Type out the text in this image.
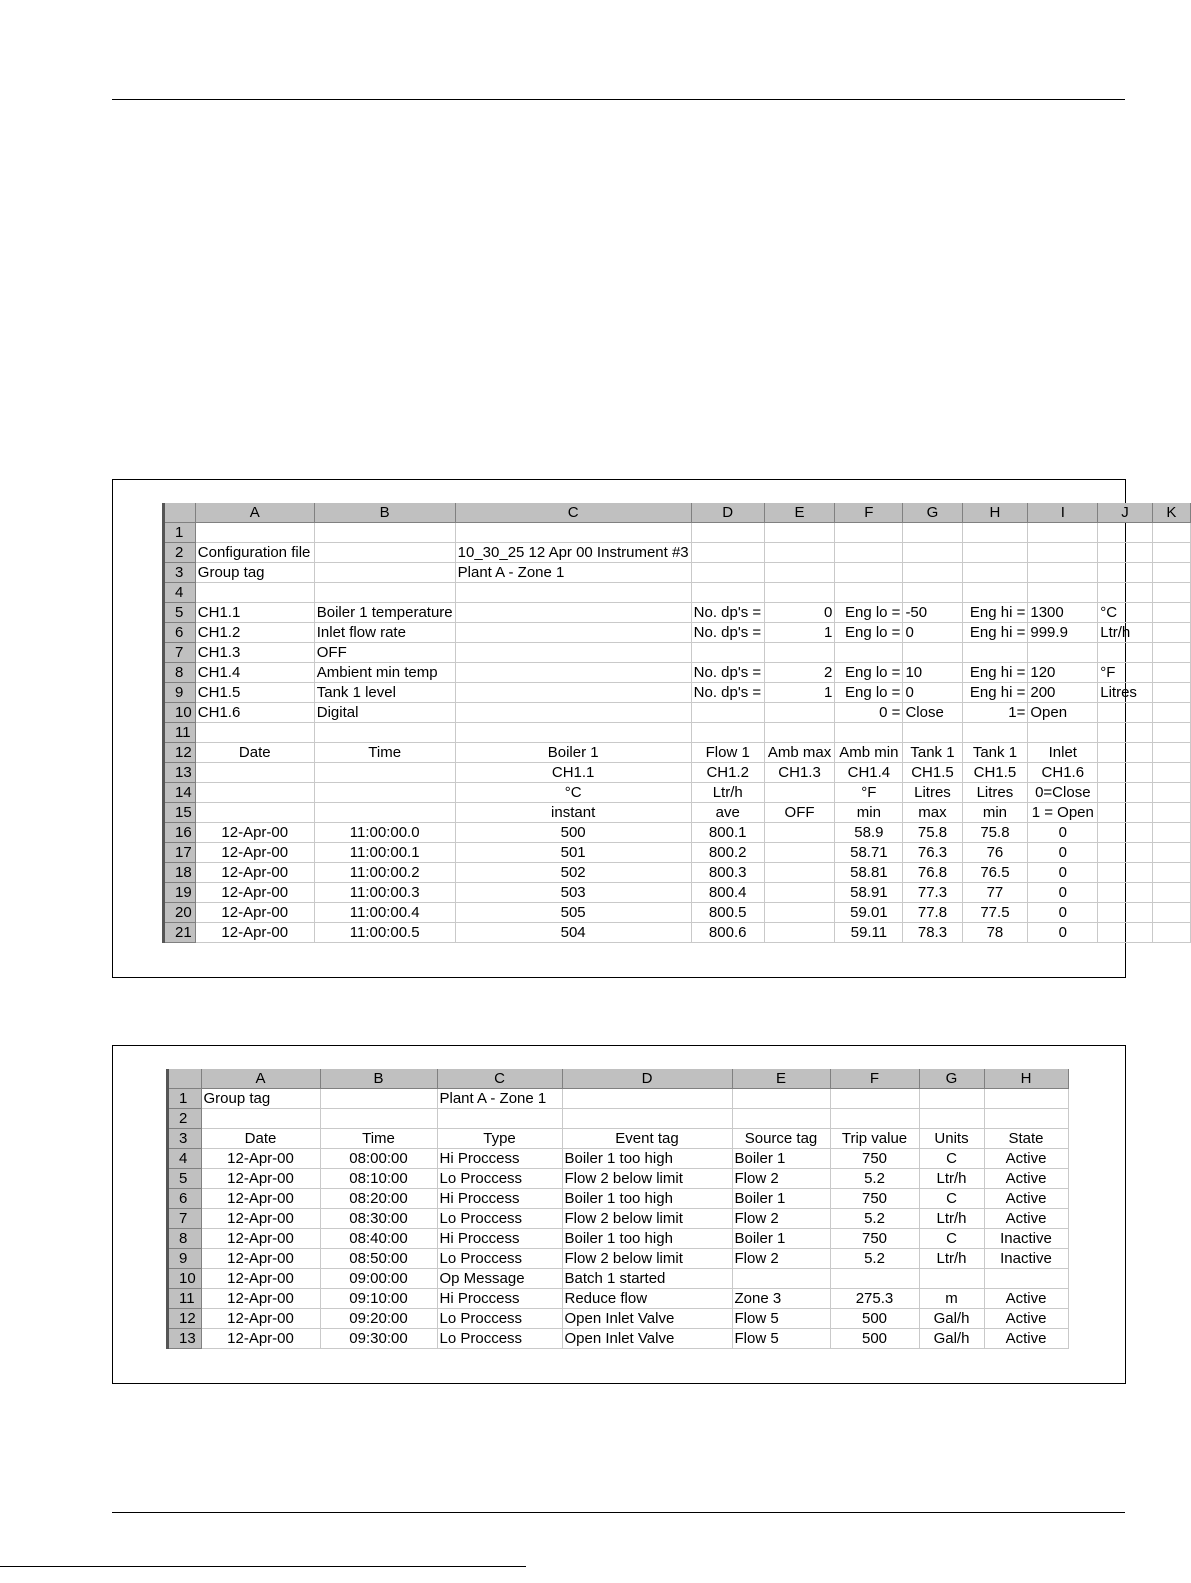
	A	B	C	D	E	F	G	H	I	J	K
1											
2	Configuration file		10_30_25 12 Apr 00 Instrument #3								
3	Group tag		Plant A - Zone 1								
4											
5	CH1.1	Boiler 1 temperature		No. dp's =	0	Eng lo =	-50	Eng hi =	1300	°C	
6	CH1.2	Inlet flow rate		No. dp's =	1	Eng lo =	0	Eng hi =	999.9	Ltr/h	
7	CH1.3	OFF									
8	CH1.4	Ambient min temp		No. dp's =	2	Eng lo =	10	Eng hi =	120	°F	
9	CH1.5	Tank 1 level		No. dp's =	1	Eng lo =	0	Eng hi =	200	Litres	
10	CH1.6	Digital				0 =	Close	1=	Open		
11											
12	Date	Time	Boiler 1	Flow 1	Amb max	Amb min	Tank 1	Tank 1	Inlet		
13			CH1.1	CH1.2	CH1.3	CH1.4	CH1.5	CH1.5	CH1.6		
14			°C	Ltr/h		°F	Litres	Litres	0=Close		
15			instant	ave	OFF	min	max	min	1 = Open		
16	12-Apr-00	11:00:00.0	500	800.1		58.9	75.8	75.8	0		
17	12-Apr-00	11:00:00.1	501	800.2		58.71	76.3	76	0		
18	12-Apr-00	11:00:00.2	502	800.3		58.81	76.8	76.5	0		
19	12-Apr-00	11:00:00.3	503	800.4		58.91	77.3	77	0		
20	12-Apr-00	11:00:00.4	505	800.5		59.01	77.8	77.5	0		
21	12-Apr-00	11:00:00.5	504	800.6		59.11	78.3	78	0		
	A	B	C	D	E	F	G	H
1	Group tag		Plant A - Zone 1					
2								
3	Date	Time	Type	Event tag	Source tag	Trip value	Units	State
4	12-Apr-00	08:00:00	Hi Proccess	Boiler 1 too high	Boiler 1	750	C	Active
5	12-Apr-00	08:10:00	Lo Proccess	Flow 2 below limit	Flow 2	5.2	Ltr/h	Active
6	12-Apr-00	08:20:00	Hi Proccess	Boiler 1 too high	Boiler 1	750	C	Active
7	12-Apr-00	08:30:00	Lo Proccess	Flow 2 below limit	Flow 2	5.2	Ltr/h	Active
8	12-Apr-00	08:40:00	Hi Proccess	Boiler 1 too high	Boiler 1	750	C	Inactive
9	12-Apr-00	08:50:00	Lo Proccess	Flow 2 below limit	Flow 2	5.2	Ltr/h	Inactive
10	12-Apr-00	09:00:00	Op Message	Batch 1 started				
11	12-Apr-00	09:10:00	Hi Proccess	Reduce flow	Zone 3	275.3	m	Active
12	12-Apr-00	09:20:00	Lo Proccess	Open Inlet Valve	Flow 5	500	Gal/h	Active
13	12-Apr-00	09:30:00	Lo Proccess	Open Inlet Valve	Flow 5	500	Gal/h	Active
